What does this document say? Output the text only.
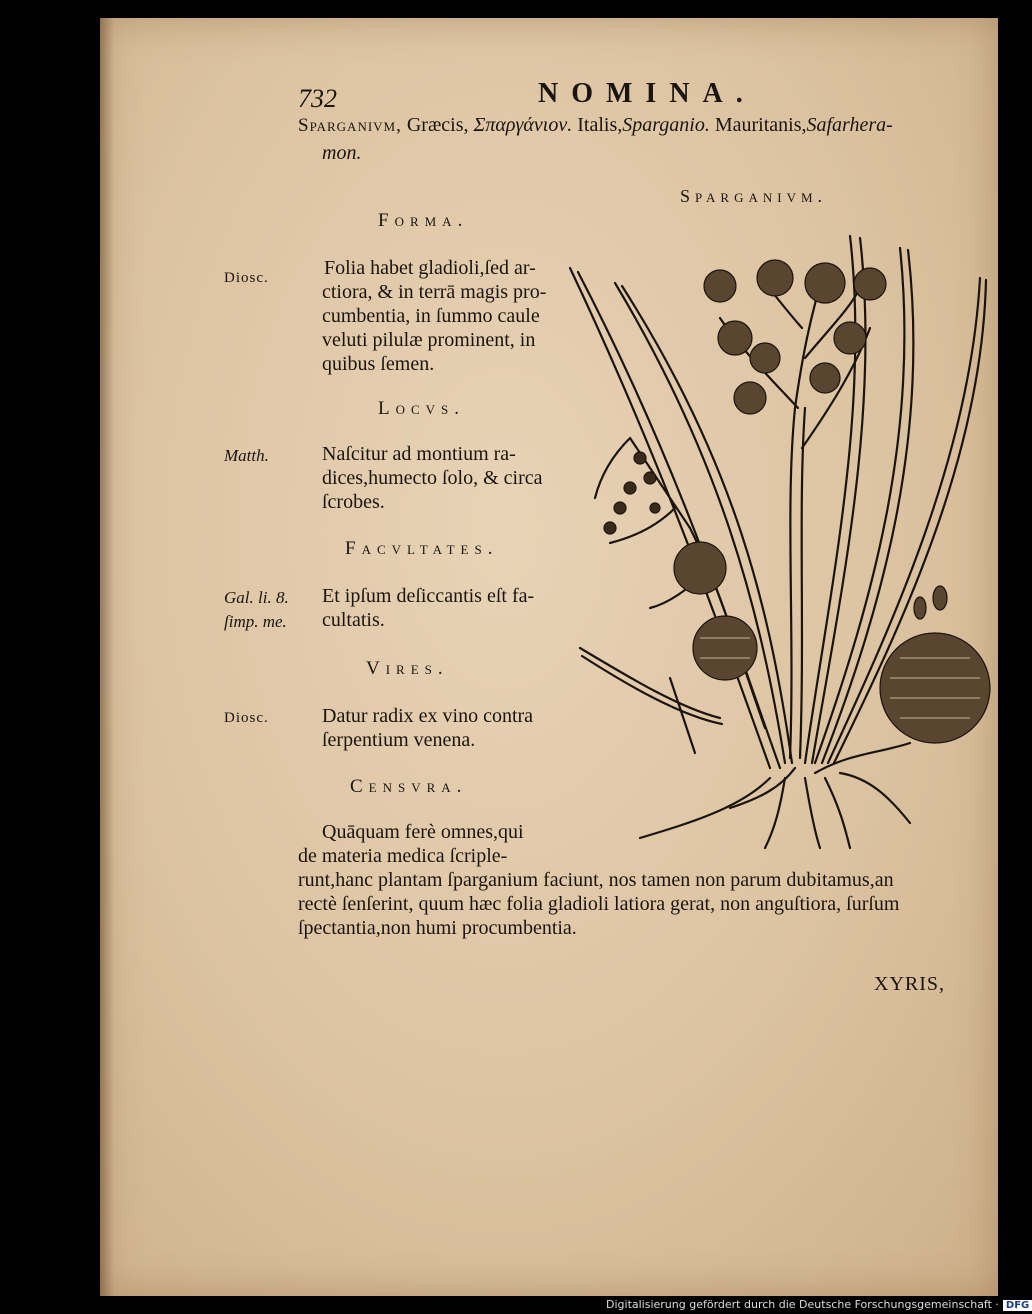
732	NOMINA.
Sparganivm, Græcis, Σπαργάνιον. Italis,Sparganio. Mauritanis,Safarhera-
mon.
Sparganivm.
Forma.
Diosc.	Folia habet gladioli,ſed ar-
ctiora, & in terrā magis pro-
cumbentia, in ſummo caule
veluti pilulæ prominent, in
quibus ſemen.
Locvs.
Matth.	Naſcitur ad montium ra-
dices,humecto ſolo, & circa
ſcrobes.
Facvltates.
Gal. li. 8.
ſimp. me.
Et ipſum deſiccantis eſt fa-
cultatis.
Vires.
Diosc.	Datur radix ex vino contra
ſerpentium venena.
Censvra.
Quāquam ferè omnes,qui
de materia medica ſcriple-
runt,hanc plantam ſparganium faciunt, nos tamen non parum dubitamus,an
rectè ſenſerint, quum hæc folia gladioli latiora gerat, non anguſtiora, ſurſum
ſpectantia,non humi procumbentia.
XYRIS,
Digitalisierung gefördert durch die Deutsche Forschungsgemeinschaft · DFG
